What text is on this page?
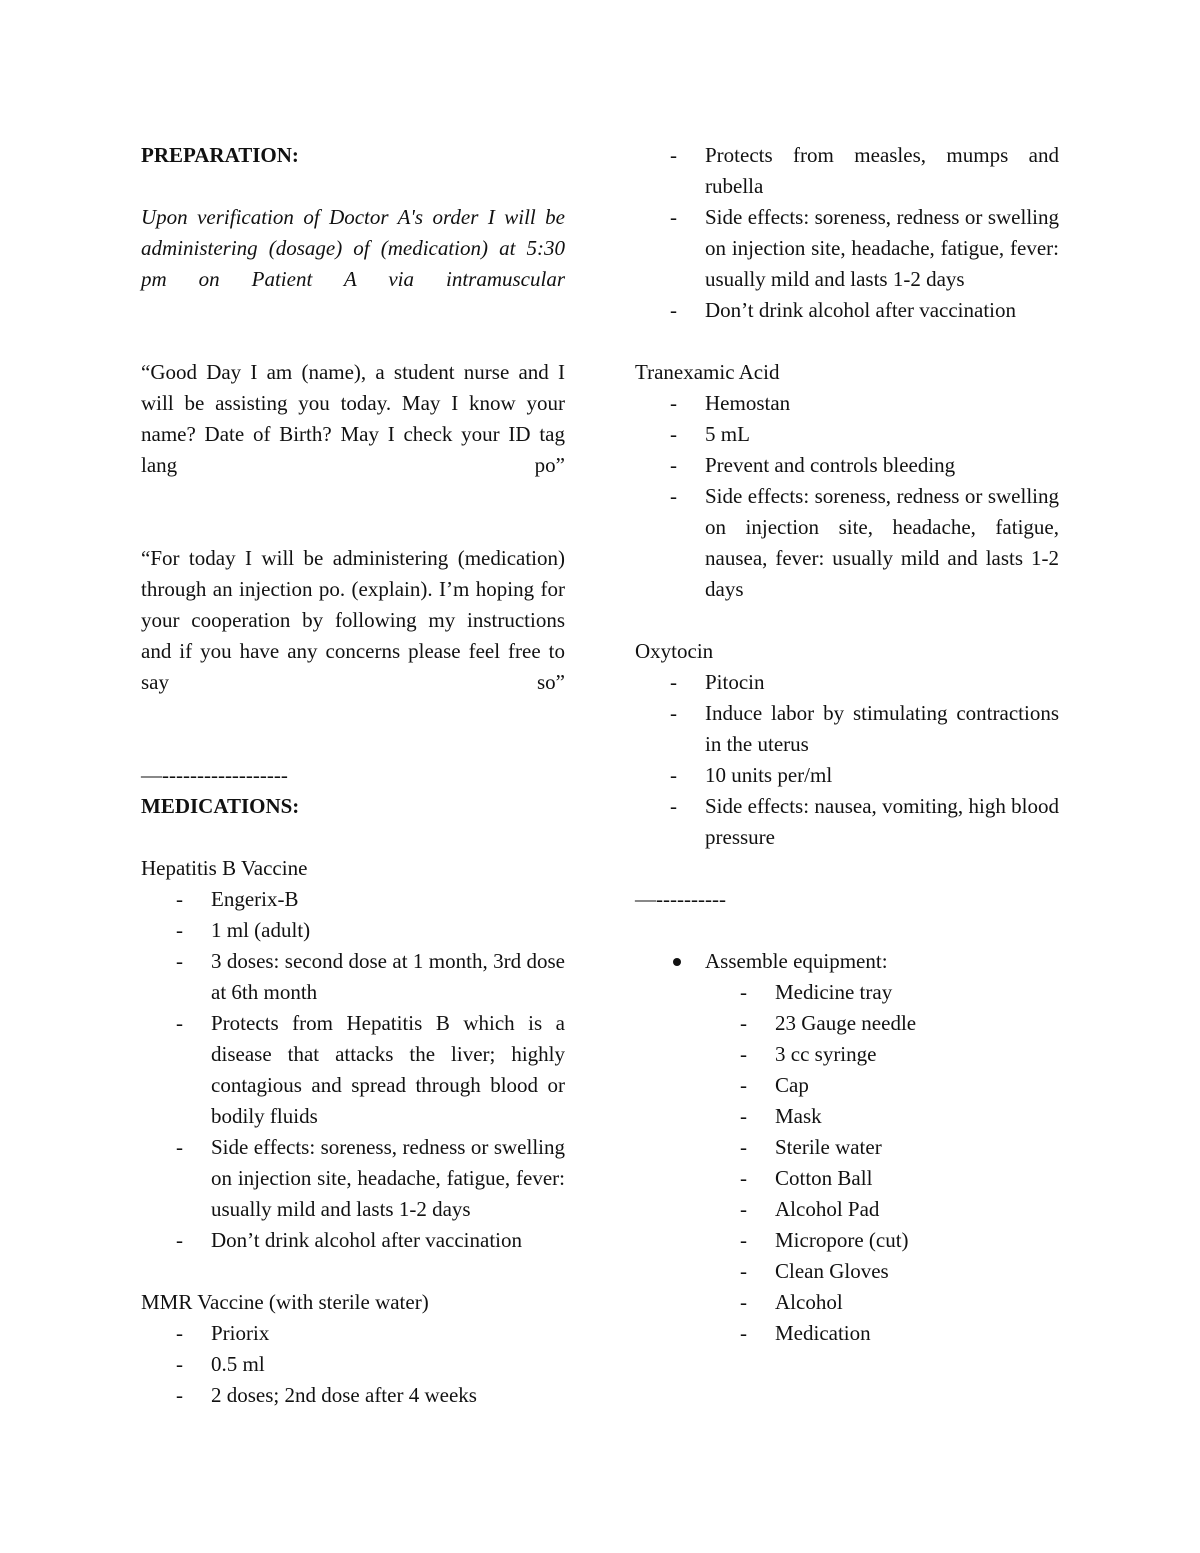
PREPARATION:

Upon verification of Doctor A's order I will be administering (dosage) of (medication) at 5:30 pm on Patient A via intramuscular

“Good Day I am (name), a student nurse and I will be assisting you today. May I know your name? Date of Birth? May I check your ID tag lang po”

“For today I will be administering (medication) through an injection po. (explain). I’m hoping for your cooperation by following my instructions and if you have any concerns please feel free to say so”

—------------------

MEDICATIONS:

Hepatitis B Vaccine

- Engerix-B
- 1 ml (adult)
- 3 doses: second dose at 1 month, 3rd dose at 6th month
- Protects from Hepatitis B which is a disease that attacks the liver; highly contagious and spread through blood or bodily fluids
- Side effects: soreness, redness or swelling on injection site, headache, fatigue, fever: usually mild and lasts 1-2 days
- Don’t drink alcohol after vaccination

MMR Vaccine (with sterile water)

- Priorix
- 0.5 ml
- 2 doses; 2nd dose after 4 weeks
- Protects from measles, mumps and rubella
- Side effects: soreness, redness or swelling on injection site, headache, fatigue, fever: usually mild and lasts 1-2 days
- Don’t drink alcohol after vaccination

Tranexamic Acid

- Hemostan
- 5 mL
- Prevent and controls bleeding
- Side effects: soreness, redness or swelling on injection site, headache, fatigue, nausea, fever: usually mild and lasts 1-2 days

Oxytocin

- Pitocin
- Induce labor by stimulating contractions in the uterus
- 10 units per/ml
- Side effects: nausea, vomiting, high blood pressure

—----------

Assemble equipment:
- Medicine tray
- 23 Gauge needle
- 3 cc syringe
- Cap
- Mask
- Sterile water
- Cotton Ball
- Alcohol Pad
- Micropore (cut)
- Clean Gloves
- Alcohol
- Medication
